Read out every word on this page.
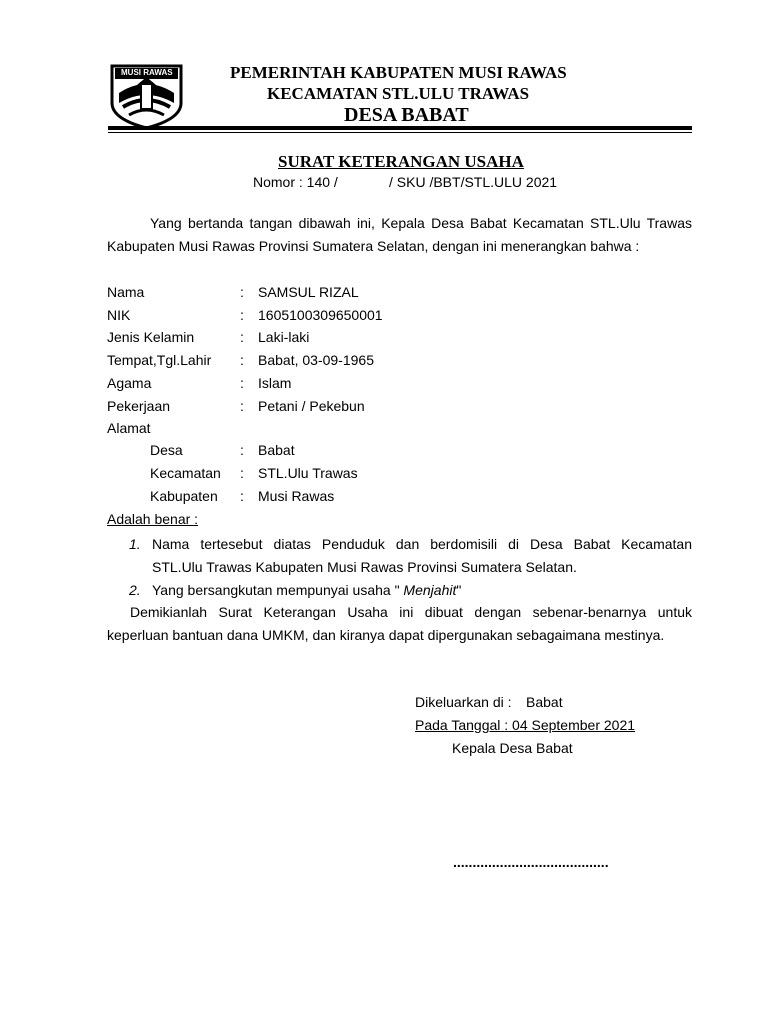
MUSI RAWAS	PEMERINTAH KABUPATEN MUSI RAWAS
KECAMATAN STL.ULU TRAWAS
DESA BABAT
SURAT KETERANGAN USAHA
Nomor : 140 /	/ SKU /BBT/STL.ULU 2021
Yang bertanda tangan dibawah ini, Kepala Desa Babat Kecamatan STL.Ulu Trawas Kabupaten Musi Rawas Provinsi Sumatera Selatan, dengan ini menerangkan bahwa :
Nama	: SAMSUL RIZAL
NIK	: 1605100309650001
Jenis Kelamin	: Laki-laki
Tempat,Tgl.Lahir : Babat, 03-09-1965
Agama	: Islam
Pekerjaan	: Petani / Pekebun
Alamat
Desa	: Babat
Kecamatan : STL.Ulu Trawas
Kabupaten : Musi Rawas
Adalah benar :
1. Nama tertesebut diatas Penduduk dan berdomisili di Desa Babat Kecamatan
STL.Ulu Trawas Kabupaten Musi Rawas Provinsi Sumatera Selatan.
2. Yang bersangkutan mempunyai usaha " Menjahit"
Demikianlah Surat Keterangan Usaha ini dibuat dengan sebenar-benarnya untuk keperluan bantuan dana UMKM, dan kiranya dapat dipergunakan sebagaimana mestinya.
Dikeluarkan di : Babat
Pada Tanggal : 04 September 2021
Kepala Desa Babat
........................................
